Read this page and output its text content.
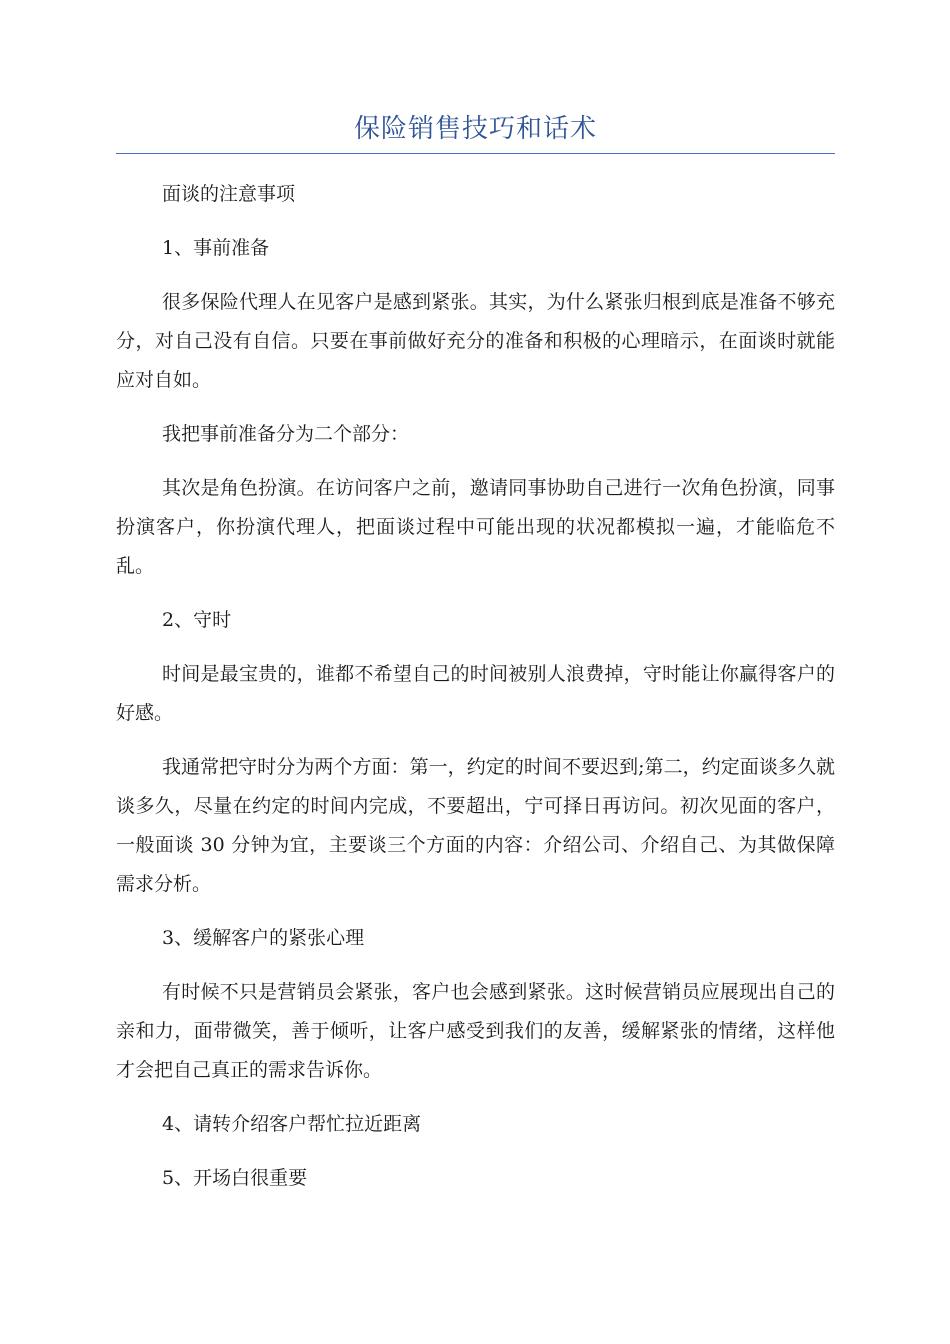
保险销售技巧和话术

面谈的注意事项

1、事前准备

很多保险代理人在见客户是感到紧张。其实，为什么紧张归根到底是准备不够充分，对自己没有自信。只要在事前做好充分的准备和积极的心理暗示，在面谈时就能应对自如。

我把事前准备分为二个部分：

其次是角色扮演。在访问客户之前，邀请同事协助自己进行一次角色扮演，同事扮演客户，你扮演代理人，把面谈过程中可能出现的状况都模拟一遍，才能临危不乱。

2、守时

时间是最宝贵的，谁都不希望自己的时间被别人浪费掉，守时能让你赢得客户的好感。

我通常把守时分为两个方面：第一，约定的时间不要迟到;第二，约定面谈多久就谈多久，尽量在约定的时间内完成，不要超出，宁可择日再访问。初次见面的客户，一般面谈 30 分钟为宜，主要谈三个方面的内容：介绍公司、介绍自己、为其做保障需求分析。

3、缓解客户的紧张心理

有时候不只是营销员会紧张，客户也会感到紧张。这时候营销员应展现出自己的亲和力，面带微笑，善于倾听，让客户感受到我们的友善，缓解紧张的情绪，这样他才会把自己真正的需求告诉你。

4、请转介绍客户帮忙拉近距离

5、开场白很重要
